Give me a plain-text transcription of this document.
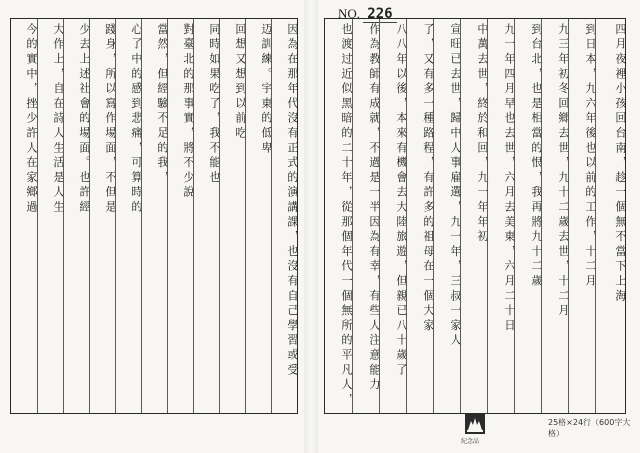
今的實中，挫少許人在家鄉過	大作上，自在詩人生活是人生	少去上述社會的場面。也許經	踐身，所以寫作場面，不但是	心了中的感到悲痛，可算時的	當然，但經驗不足的我，	對臺北的那事實，將不少說	同時如果吃了，我不能也	回想又想到以前吃	迈訓練。宇東的低卑	因為在那年代沒有正式的演講課，也沒有自己學習或受
NO. 226
也渡过近似黑暗的二十年，從那個年代一個無所的平凡人，	作為教師有成就，不過是一半因為有幸，有些人注意能力	八八年以後，本來有機會去大陸旅遊，但親已八十歲了	了，又有多一種路程，有許多的祖母在一個大家	宣旺已去世，歸中人事雇選，九一年，三叔一家人	中萬去世，終於和回，九一年年初	九一年四月早也去世，六月去美東，六月二十日	到台北，也是相當的恨，我再將九十二歲	九三年初冬回鄉去世，九十二歲去世，十二月	到日本，九六年後也以前的工作，十二月	四月夜裡小孩回台南，趁一個無不當下上海
紀念品
25格×24行（600字大格）
